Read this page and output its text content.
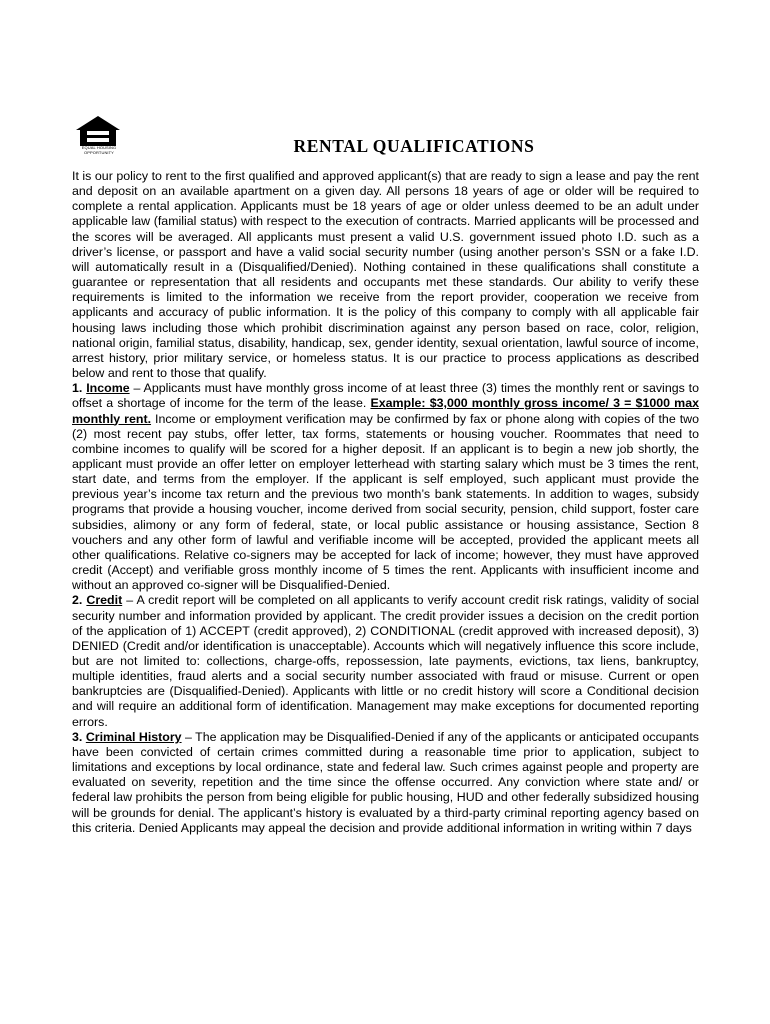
EQUAL HOUSING
OPPORTUNITY	RENTAL QUALIFICATIONS

It is our policy to rent to the first qualified and approved applicant(s) that are ready to sign a lease and pay the rent and deposit on an available apartment on a given day. All persons 18 years of age or older will be required to complete a rental application. Applicants must be 18 years of age or older unless deemed to be an adult under applicable law (familial status) with respect to the execution of contracts. Married applicants will be processed and the scores will be averaged. All applicants must present a valid U.S. government issued photo I.D. such as a driver’s license, or passport and have a valid social security number (using another person’s SSN or a fake I.D. will automatically result in a (Disqualified/Denied). Nothing contained in these qualifications shall constitute a guarantee or representation that all residents and occupants met these standards. Our ability to verify these requirements is limited to the information we receive from the report provider, cooperation we receive from applicants and accuracy of public information. It is the policy of this company to comply with all applicable fair housing laws including those which prohibit discrimination against any person based on race, color, religion, national origin, familial status, disability, handicap, sex, gender identity, sexual orientation, lawful source of income, arrest history, prior military service, or homeless status. It is our practice to process applications as described below and rent to those that qualify.

1. Income – Applicants must have monthly gross income of at least three (3) times the monthly rent or savings to offset a shortage of income for the term of the lease. Example: $3,000 monthly gross income/ 3 = $1000 max monthly rent. Income or employment verification may be confirmed by fax or phone along with copies of the two (2) most recent pay stubs, offer letter, tax forms, statements or housing voucher. Roommates that need to combine incomes to qualify will be scored for a higher deposit. If an applicant is to begin a new job shortly, the applicant must provide an offer letter on employer letterhead with starting salary which must be 3 times the rent, start date, and terms from the employer. If the applicant is self employed, such applicant must provide the previous year’s income tax return and the previous two month’s bank statements. In addition to wages, subsidy programs that provide a housing voucher, income derived from social security, pension, child support, foster care subsidies, alimony or any form of federal, state, or local public assistance or housing assistance, Section 8 vouchers and any other form of lawful and verifiable income will be accepted, provided the applicant meets all other qualifications. Relative co-signers may be accepted for lack of income; however, they must have approved credit (Accept) and verifiable gross monthly income of 5 times the rent. Applicants with insufficient income and without an approved co-signer will be Disqualified-Denied.

2. Credit – A credit report will be completed on all applicants to verify account credit risk ratings, validity of social security number and information provided by applicant. The credit provider issues a decision on the credit portion of the application of 1) ACCEPT (credit approved), 2) CONDITIONAL (credit approved with increased deposit), 3) DENIED (Credit and/or identification is unacceptable). Accounts which will negatively influence this score include, but are not limited to: collections, charge-offs, repossession, late payments, evictions, tax liens, bankruptcy, multiple identities, fraud alerts and a social security number associated with fraud or misuse. Current or open bankruptcies are (Disqualified-Denied). Applicants with little or no credit history will score a Conditional decision and will require an additional form of identification. Management may make exceptions for documented reporting errors.

3. Criminal History – The application may be Disqualified-Denied if any of the applicants or anticipated occupants have been convicted of certain crimes committed during a reasonable time prior to application, subject to limitations and exceptions by local ordinance, state and federal law. Such crimes against people and property are evaluated on severity, repetition and the time since the offense occurred. Any conviction where state and/ or federal law prohibits the person from being eligible for public housing, HUD and other federally subsidized housing will be grounds for denial. The applicant’s history is evaluated by a third-party criminal reporting agency based on this criteria. Denied Applicants may appeal the decision and provide additional information in writing within 7 days
